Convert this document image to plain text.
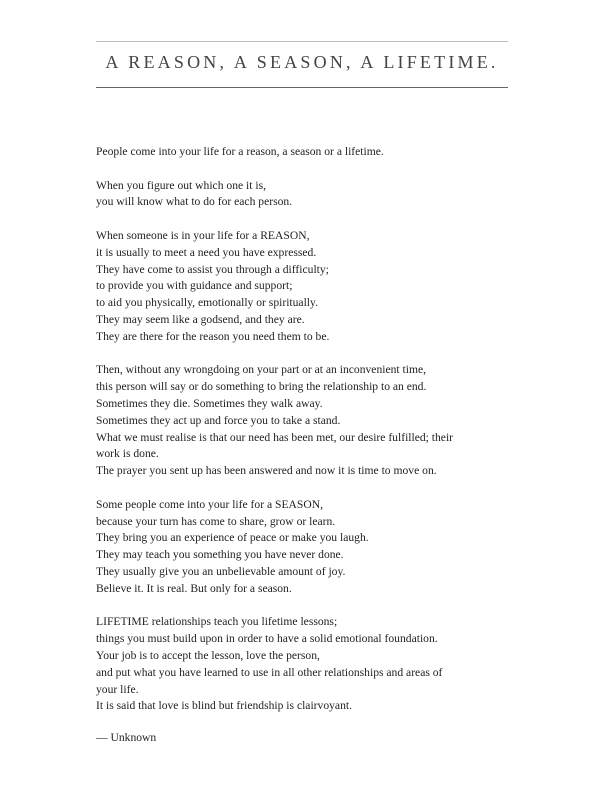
A REASON, A SEASON, A LIFETIME.
People come into your life for a reason, a season or a lifetime.
When you figure out which one it is,
you will know what to do for each person.
When someone is in your life for a REASON,
it is usually to meet a need you have expressed.
They have come to assist you through a difficulty;
to provide you with guidance and support;
to aid you physically, emotionally or spiritually.
They may seem like a godsend, and they are.
They are there for the reason you need them to be.
Then, without any wrongdoing on your part or at an inconvenient time,
this person will say or do something to bring the relationship to an end.
Sometimes they die. Sometimes they walk away.
Sometimes they act up and force you to take a stand.
What we must realise is that our need has been met, our desire fulfilled; their
work is done.
The prayer you sent up has been answered and now it is time to move on.
Some people come into your life for a SEASON,
because your turn has come to share, grow or learn.
They bring you an experience of peace or make you laugh.
They may teach you something you have never done.
They usually give you an unbelievable amount of joy.
Believe it. It is real. But only for a season.
LIFETIME relationships teach you lifetime lessons;
things you must build upon in order to have a solid emotional foundation.
Your job is to accept the lesson, love the person,
and put what you have learned to use in all other relationships and areas of
your life.
It is said that love is blind but friendship is clairvoyant.
— Unknown
